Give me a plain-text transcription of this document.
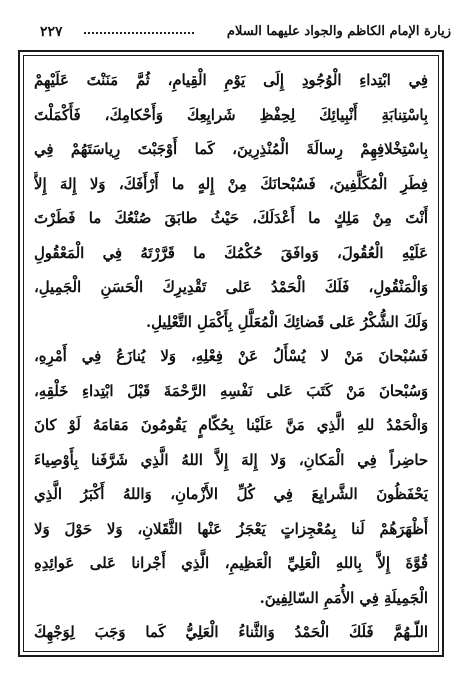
زيارة الإمام الكاظم والجواد عليهما السلام
٢٢٧
فِي ابْتِداءِ الْوُجُودِ إِلَى يَوْمِ الْقِيامِ، ثُمَّ مَنَنْتَ عَلَيْهِمْ
بِاسْتِنابَةِ أَنْبِيائِكَ لِحِفْظِ شَرايِعِكَ وَأَحْكامِكَ، فَأَكْمَلْتَ
بِاسْتِخْلافِهِمْ رِسالَةَ الْمُنْذِرِينَ، كَما أَوْجَبْتَ رِياسَتَهُمْ فِي
فِطَرِ الْمُكَلَّفِينَ، فَسُبْحانَكَ مِنْ إِلهٍ ما أَرْأَفَكَ، وَلا إِلهَ إِلاَّ
أَنْتَ مِنْ مَلِكٍ ما أَعْدَلَكَ، حَيْثُ طابَقَ صُنْعُكَ ما فَطَرْتَ
عَلَيْهِ الْعُقُولَ، وَوافَقَ حُكْمُكَ ما قَرَّرْتَهُ فِي الْمَعْقُولِ
وَالْمَنْقُولِ، فَلَكَ الْحَمْدُ عَلى تَقْدِيرِكَ الْحَسَنِ الْجَمِيلِ،
وَلَكَ الشُّكْرُ عَلى قَضائِكَ الْمُعَلَّلِ بِأَكْمَلِ التَّعْلِيلِ.
فَسُبْحانَ مَنْ لا يُسْأَلُ عَنْ فِعْلِهِ، وَلا يُنازَعُ فِي أَمْرِهِ،
وَسُبْحانَ مَنْ كَتَبَ عَلى نَفْسِهِ الرَّحْمَةَ قَبْلَ ابْتِداءِ خَلْقِهِ،
وَالْحَمْدُ للهِ الَّذِي مَنَّ عَلَيْنا بِحُكّامٍ يَقُومُونَ مَقامَهُ لَوْ كانَ
حاضِراً فِي الْمَكانِ، وَلا إِلهَ إِلاَّ اللهُ الَّذِي شَرَّفَنا بِأَوْصِياءَ
يَحْفَظُونَ الشَّرايِعَ فِي كُلِّ الأَزْمانِ، وَاللهُ أَكْبَرُ الَّذِي
أَظْهَرَهُمْ لَنا بِمُعْجِزاتٍ يَعْجَزُ عَنْها الثَّقَلانِ، وَلا حَوْلَ وَلا
قُوَّةَ إِلاَّ بِاللهِ الْعَلِيِّ الْعَظِيمِ، الَّذِي أَجْرانا عَلى عَوائِدِهِ
الْجَمِيلَةِ فِي الأُمَمِ السّالِفِينَ.
اللّـهُمَّ فَلَكَ الْحَمْدُ وَالثَّناءُ الْعَلِيُّ كَما وَجَبَ لِوَجْهِكَ
